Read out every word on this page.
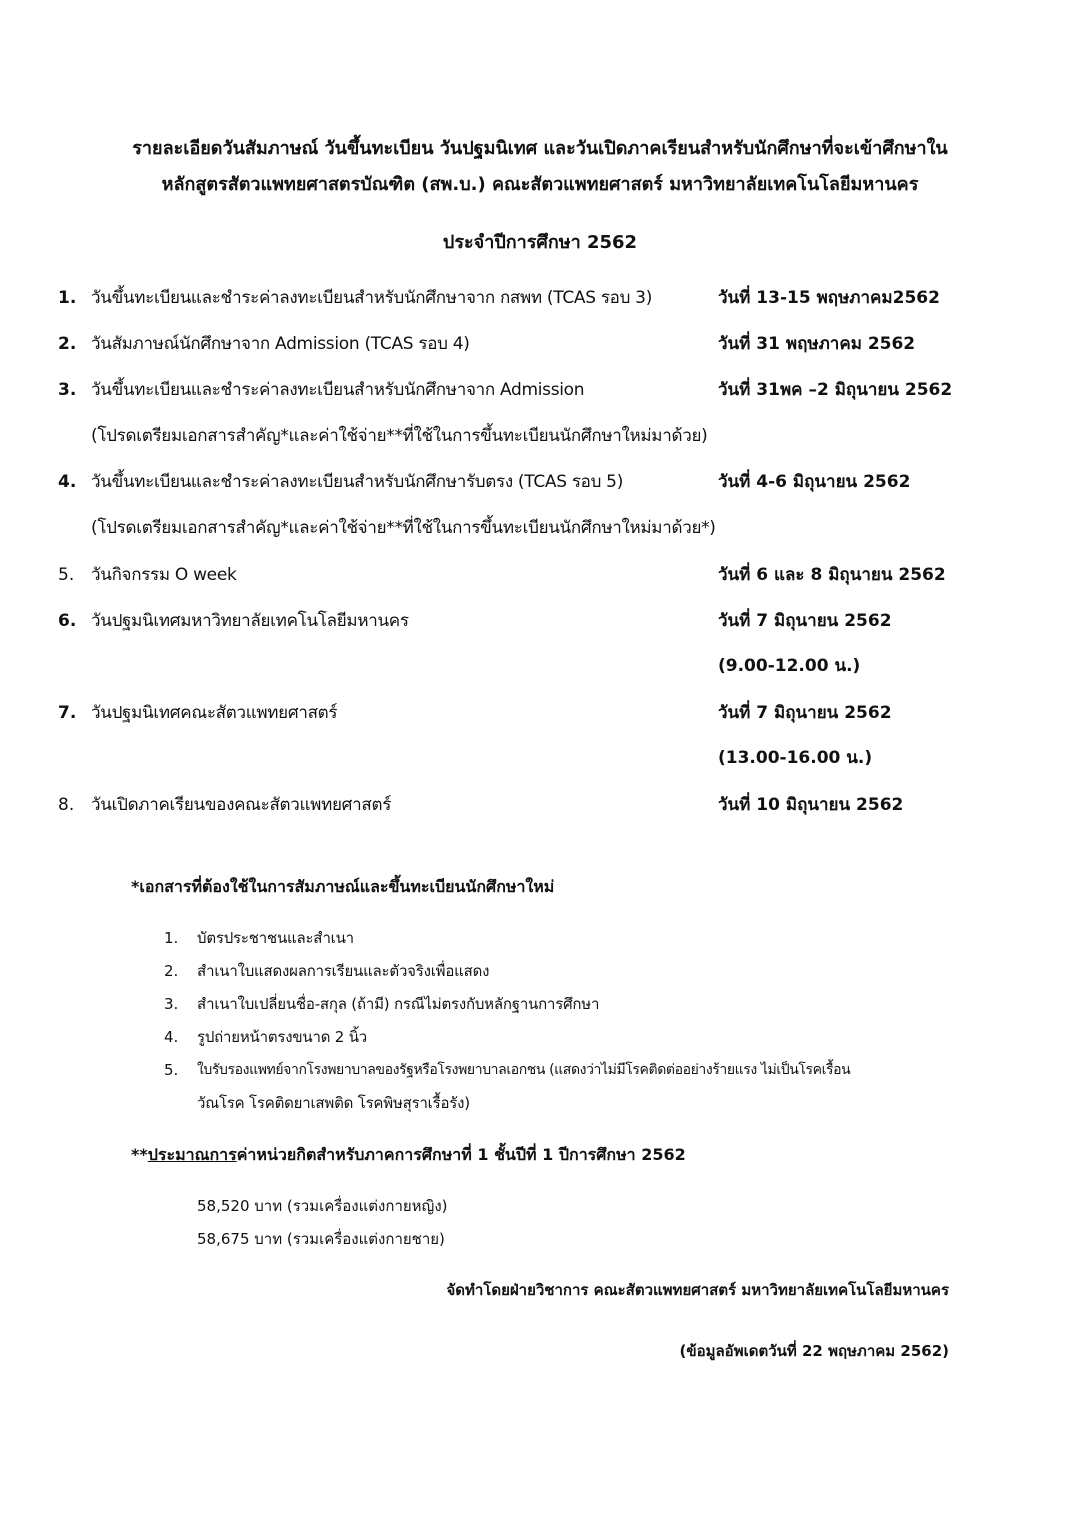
รายละเอียดวันสัมภาษณ์ วันขึ้นทะเบียน วันปฐมนิเทศ และวันเปิดภาคเรียนสำหรับนักศึกษาที่จะเข้าศึกษาใน
หลักสูตรสัตวแพทยศาสตรบัณฑิต (สพ.บ.) คณะสัตวแพทยศาสตร์ มหาวิทยาลัยเทคโนโลยีมหานคร
ประจำปีการศึกษา 2562
1. วันขึ้นทะเบียนและชำระค่าลงทะเบียนสำหรับนักศึกษาจาก กสพท (TCAS รอบ 3)	วันที่ 13-15 พฤษภาคม2562
2. วันสัมภาษณ์นักศึกษาจาก Admission (TCAS รอบ 4)	วันที่ 31 พฤษภาคม 2562
3. วันขึ้นทะเบียนและชำระค่าลงทะเบียนสำหรับนักศึกษาจาก Admission	วันที่ 31พค –2 มิถุนายน 2562
(โปรดเตรียมเอกสารสำคัญ*และค่าใช้จ่าย**ที่ใช้ในการขึ้นทะเบียนนักศึกษาใหม่มาด้วย)
4. วันขึ้นทะเบียนและชำระค่าลงทะเบียนสำหรับนักศึกษารับตรง (TCAS รอบ 5)	วันที่ 4-6 มิถุนายน 2562
(โปรดเตรียมเอกสารสำคัญ*และค่าใช้จ่าย**ที่ใช้ในการขึ้นทะเบียนนักศึกษาใหม่มาด้วย*)
5. วันกิจกรรม O week	วันที่ 6 และ 8 มิถุนายน 2562
6. วันปฐมนิเทศมหาวิทยาลัยเทคโนโลยีมหานคร	วันที่ 7 มิถุนายน 2562
(9.00-12.00 น.)
7. วันปฐมนิเทศคณะสัตวแพทยศาสตร์	วันที่ 7 มิถุนายน 2562
(13.00-16.00 น.)
8. วันเปิดภาคเรียนของคณะสัตวแพทยศาสตร์	วันที่ 10 มิถุนายน 2562
*เอกสารที่ต้องใช้ในการสัมภาษณ์และขึ้นทะเบียนนักศึกษาใหม่
1. บัตรประชาชนและสำเนา
2. สำเนาใบแสดงผลการเรียนและตัวจริงเพื่อแสดง
3. สำเนาใบเปลี่ยนชื่อ-สกุล (ถ้ามี) กรณีไม่ตรงกับหลักฐานการศึกษา
4. รูปถ่ายหน้าตรงขนาด 2 นิ้ว
5. ใบรับรองแพทย์จากโรงพยาบาลของรัฐหรือโรงพยาบาลเอกชน (แสดงว่าไม่มีโรคติดต่ออย่างร้ายแรง ไม่เป็นโรคเรื้อน
วัณโรค โรคติดยาเสพติด โรคพิษสุราเรื้อรัง)
**ประมาณการค่าหน่วยกิตสำหรับภาคการศึกษาที่ 1 ชั้นปีที่ 1 ปีการศึกษา 2562
58,520 บาท (รวมเครื่องแต่งกายหญิง)
58,675 บาท (รวมเครื่องแต่งกายชาย)
จัดทำโดยฝ่ายวิชาการ คณะสัตวแพทยศาสตร์ มหาวิทยาลัยเทคโนโลยีมหานคร
(ข้อมูลอัพเดตวันที่ 22 พฤษภาคม 2562)
